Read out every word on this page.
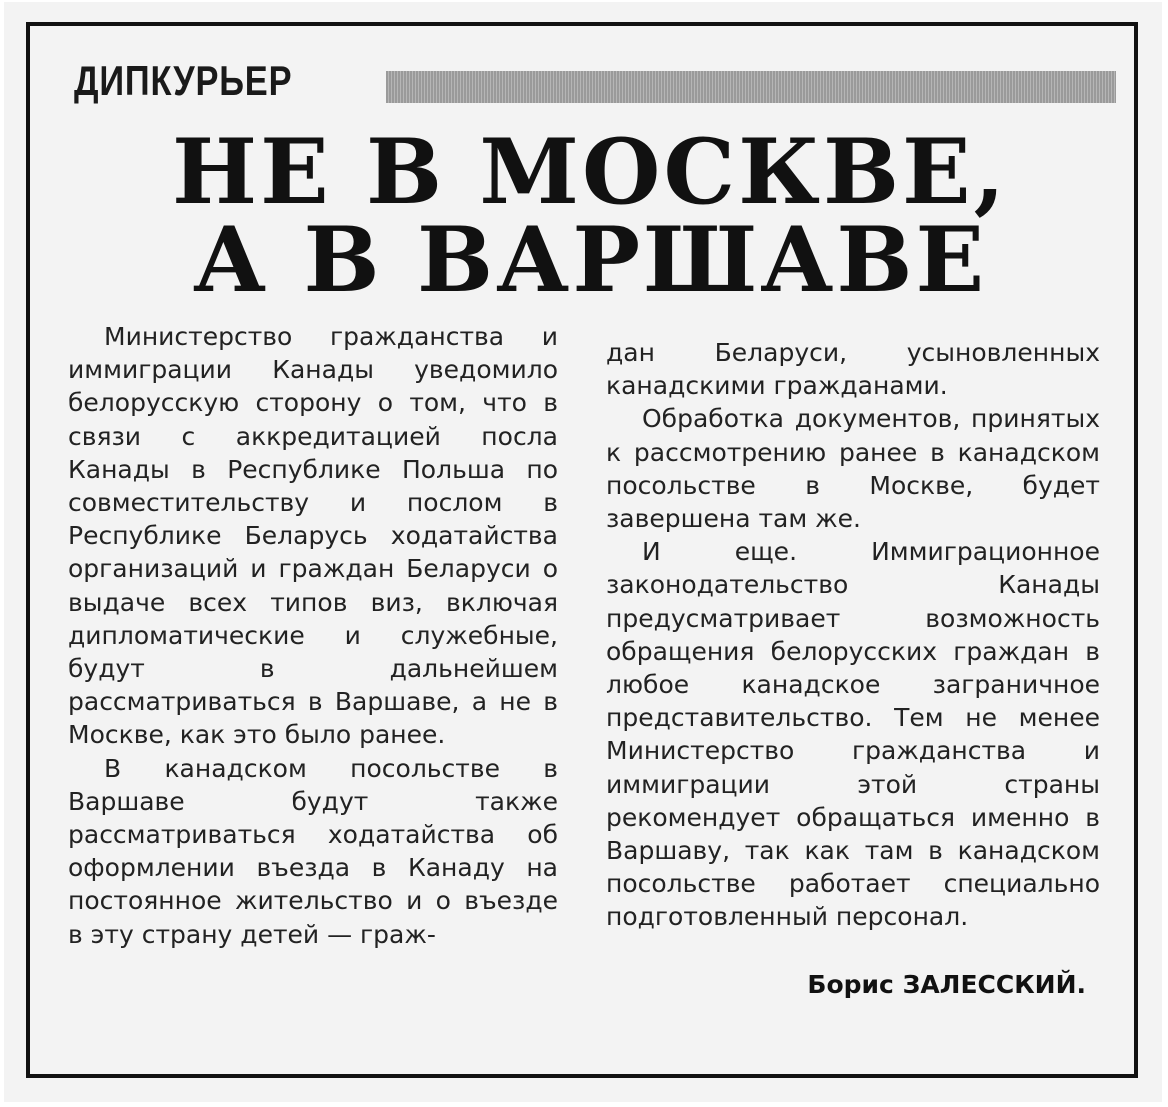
ДИПКУРЬЕР
НЕ В МОСКВЕ,
А В ВАРШАВЕ

Министерство гражданства и иммиграции Канады уведомило белорусскую сторону о том, что в связи с аккредитацией посла Канады в Республике Польша по совместительству и послом в Республике Беларусь ходатайства организаций и граждан Беларуси о выдаче всех типов виз, включая дипломатические и служебные, будут в дальнейшем рассматриваться в Варшаве, а не в Москве, как это было ранее.

В канадском посольстве в Варшаве будут также рассматриваться ходатайства об оформлении въезда в Канаду на постоянное жительство и о въезде в эту страну детей — граж-

дан Беларуси, усыновленных канадскими гражданами.

Обработка документов, принятых к рассмотрению ранее в канадском посольстве в Москве, будет завершена там же.

И еще. Иммиграционное законодательство Канады предусматривает возможность обращения белорусских граждан в любое канадское заграничное представительство. Тем не менее Министерство гражданства и иммиграции этой страны рекомендует обращаться именно в Варшаву, так как там в канадском посольстве работает специально подготовленный персонал.

Борис ЗАЛЕССКИЙ.
